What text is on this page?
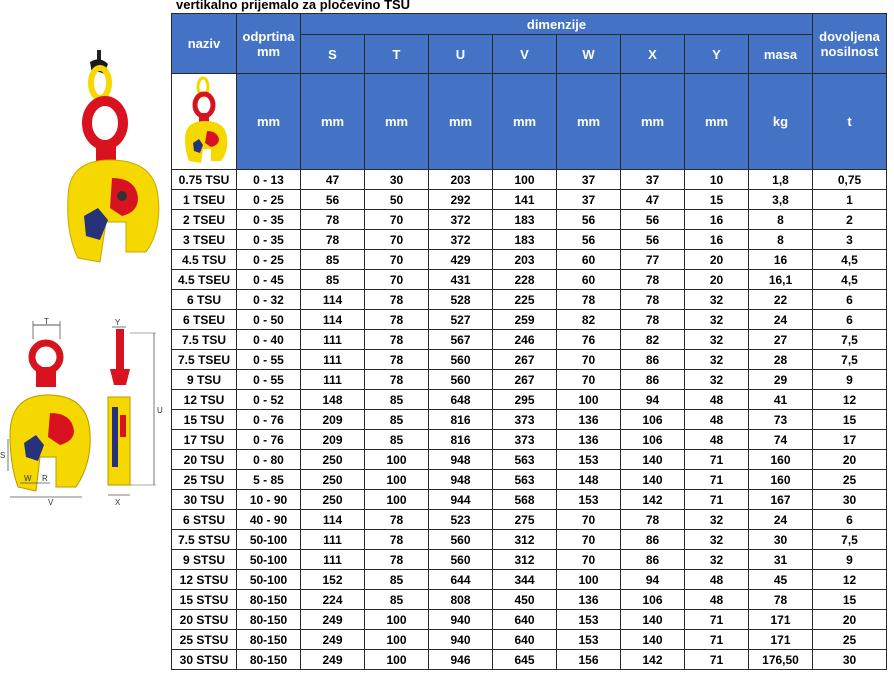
vertikalno prijemalo za pločevino TSU
T
S
W R
V
Y
U
X
naziv	odprtina mm	dimenzije								dovoljena nosilnost
		S	T	U	V	W	X	Y	masa	
	mm	mm	mm	mm	mm	mm	mm	mm	kg	t
0.75 TSU	0 - 13	47	30	203	100	37	37	10	1,8	0,75
1 TSEU	0 - 25	56	50	292	141	37	47	15	3,8	1
2 TSEU	0 - 35	78	70	372	183	56	56	16	8	2
3 TSEU	0 - 35	78	70	372	183	56	56	16	8	3
4.5 TSU	0 - 25	85	70	429	203	60	77	20	16	4,5
4.5 TSEU	0 - 45	85	70	431	228	60	78	20	16,1	4,5
6 TSU	0 - 32	114	78	528	225	78	78	32	22	6
6 TSEU	0 - 50	114	78	527	259	82	78	32	24	6
7.5 TSU	0 - 40	111	78	567	246	76	82	32	27	7,5
7.5 TSEU	0 - 55	111	78	560	267	70	86	32	28	7,5
9 TSU	0 - 55	111	78	560	267	70	86	32	29	9
12 TSU	0 - 52	148	85	648	295	100	94	48	41	12
15 TSU	0 - 76	209	85	816	373	136	106	48	73	15
17 TSU	0 - 76	209	85	816	373	136	106	48	74	17
20 TSU	0 - 80	250	100	948	563	153	140	71	160	20
25 TSU	5 - 85	250	100	948	563	148	140	71	160	25
30 TSU	10 - 90	250	100	944	568	153	142	71	167	30
6 STSU	40 - 90	114	78	523	275	70	78	32	24	6
7.5 STSU	50-100	111	78	560	312	70	86	32	30	7,5
9 STSU	50-100	111	78	560	312	70	86	32	31	9
12 STSU	50-100	152	85	644	344	100	94	48	45	12
15 STSU	80-150	224	85	808	450	136	106	48	78	15
20 STSU	80-150	249	100	940	640	153	140	71	171	20
25 STSU	80-150	249	100	940	640	153	140	71	171	25
30 STSU	80-150	249	100	946	645	156	142	71	176,50	30
